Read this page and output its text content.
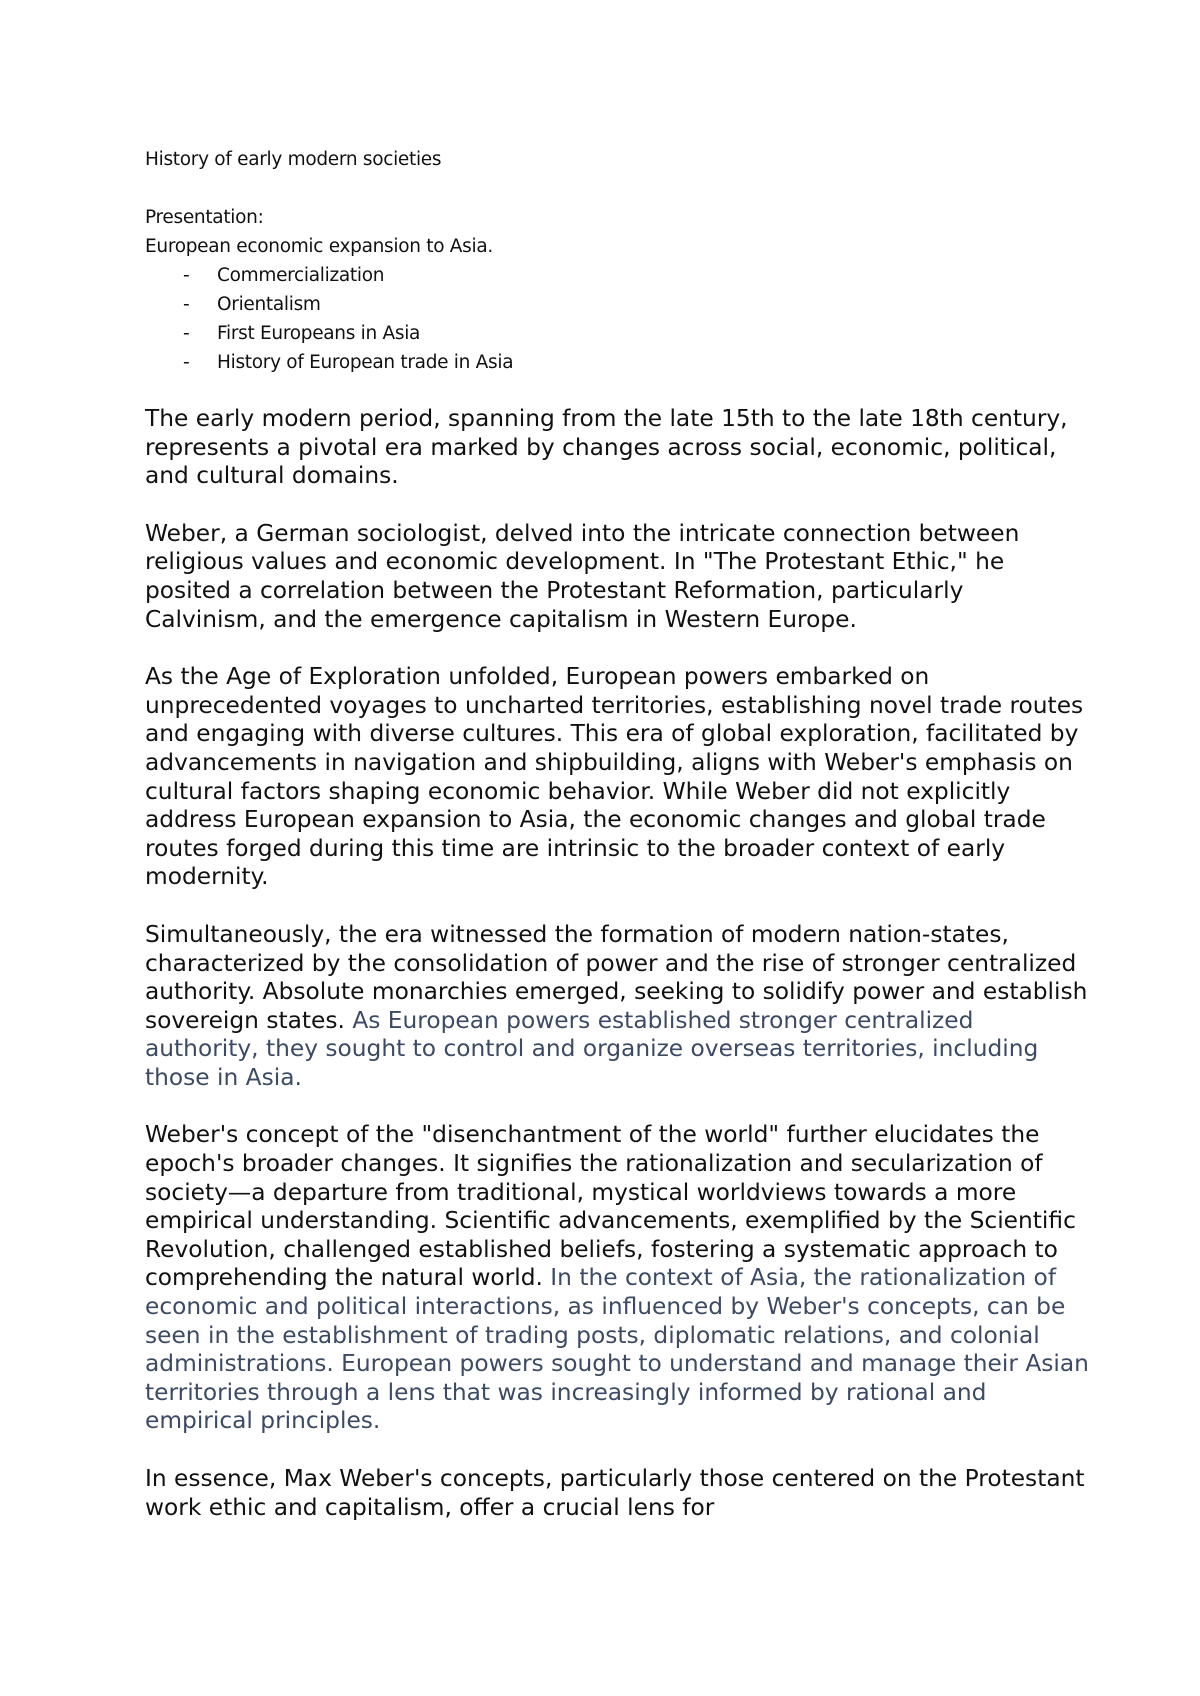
History of early modern societies

Presentation:

European economic expansion to Asia.

- Commercialization
- Orientalism
- First Europeans in Asia
- History of European trade in Asia

The early modern period, spanning from the late 15th to the late 18th century, represents a pivotal era marked by changes across social, economic, political, and cultural domains.

Weber, a German sociologist, delved into the intricate connection between religious values and economic development. In "The Protestant Ethic," he posited a correlation between the Protestant Reformation, particularly Calvinism, and the emergence capitalism in Western Europe.

As the Age of Exploration unfolded, European powers embarked on unprecedented voyages to uncharted territories, establishing novel trade routes and engaging with diverse cultures. This era of global exploration, facilitated by advancements in navigation and shipbuilding, aligns with Weber's emphasis on cultural factors shaping economic behavior. While Weber did not explicitly address European expansion to Asia, the economic changes and global trade routes forged during this time are intrinsic to the broader context of early modernity.

Simultaneously, the era witnessed the formation of modern nation-states, characterized by the consolidation of power and the rise of stronger centralized authority. Absolute monarchies emerged, seeking to solidify power and establish sovereign states. As European powers established stronger centralized authority, they sought to control and organize overseas territories, including those in Asia.

Weber's concept of the "disenchantment of the world" further elucidates the epoch's broader changes. It signifies the rationalization and secularization of society—a departure from traditional, mystical worldviews towards a more empirical understanding. Scientific advancements, exemplified by the Scientific Revolution, challenged established beliefs, fostering a systematic approach to comprehending the natural world. In the context of Asia, the rationalization of economic and political interactions, as influenced by Weber's concepts, can be seen in the establishment of trading posts, diplomatic relations, and colonial administrations. European powers sought to understand and manage their Asian territories through a lens that was increasingly informed by rational and empirical principles.

In essence, Max Weber's concepts, particularly those centered on the Protestant work ethic and capitalism, offer a crucial lens for
